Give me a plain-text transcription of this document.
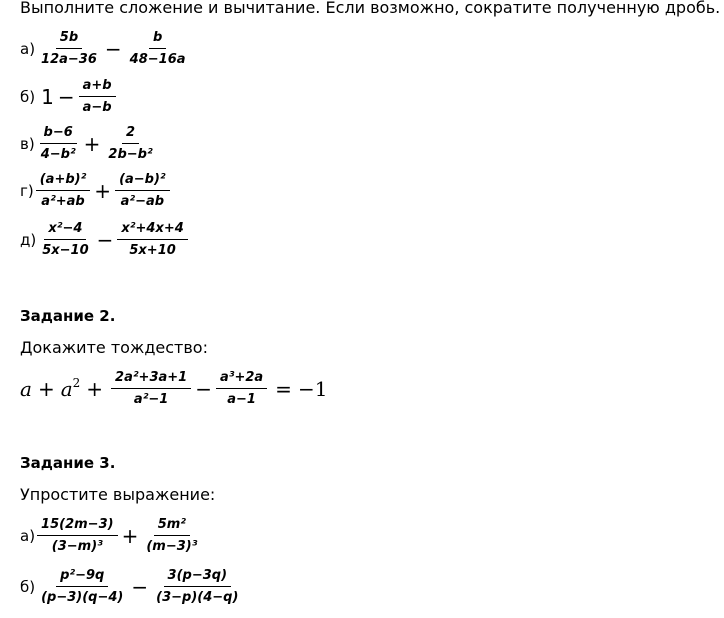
Выполните сложение и вычитание. Если возможно, сократите полученную дробь.
$а) \frac{5b}{12a-36} - \frac{b}{48-16a}$
б) $1 - \frac{a+b}{a-b}$
$в) \frac{b-6}{\text{4−b²}} + \frac{2}{\text{2b−b²}}$
$г) \frac{\text{(a+b)²}}{\text{a²+ab}} + \frac{\text{(a−b)²}}{\text{a²−ab}}$
$д) \frac{\text{x²−4}}{5x-10} - \frac{\text{x²+4x+4}}{5x+10}$
Задание 2.
Докажите тождество:
$a + a^2 + \frac{\text{2a²+3a+1}}{\text{a²−1}} - \frac{\text{a³+2a}}{a-1} = -1$
Задание 3.
Упростите выражение:
$а) \frac{15(2m-3)}{\text{(3−m)³}} + \frac{\text{5m²}}{\text{(m−3)³}}$
$б) \frac{\text{p²−9q}}{(p-3)(q-4)} - \frac{3(p-3q)}{(3-p)(4-q)}$
